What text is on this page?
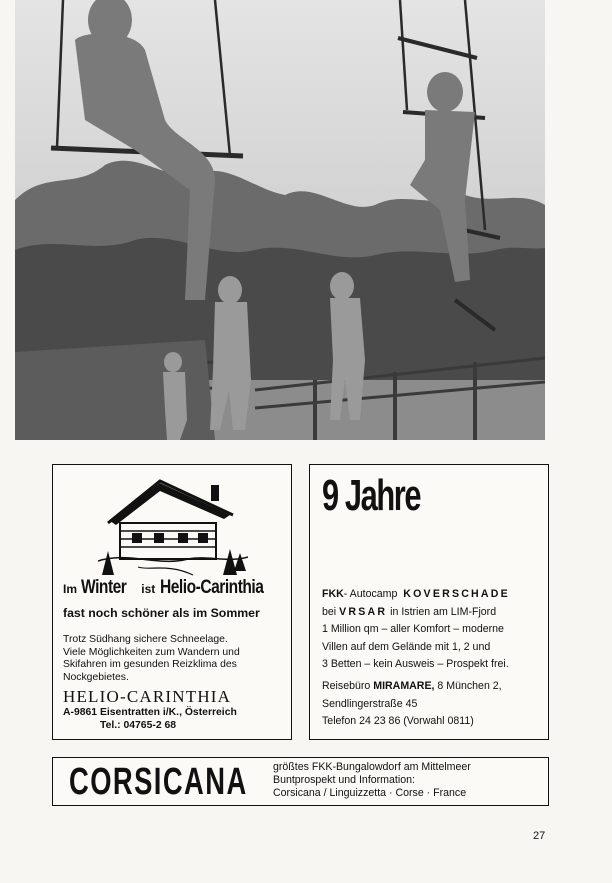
Im Winter ist Helio-Carinthia
fast noch schöner als im Sommer
Trotz Südhang sichere Schneelage.
Viele Möglichkeiten zum Wandern und
Skifahren im gesunden Reizklima des
Nockgebietes.
HELIO-CARINTHIA
A-9861 Eisentratten i/K., Österreich
Tel.: 04765-2 68
9 Jahre
FKK- Autocamp KOVERSCHADE
bei VRSAR in Istrien am LIM-Fjord
1 Million qm – aller Komfort – moderne
Villen auf dem Gelände mit 1, 2 und
3 Betten – kein Ausweis – Prospekt frei.
Reisebüro MIRAMARE, 8 München 2,
Sendlingerstraße 45
Telefon 24 23 86 (Vorwahl 0811)
CORSICANA größtes FKK-Bungalowdorf am Mittelmeer
Buntprospekt und Information:
Corsicana / Linguizzetta · Corse · France
27
